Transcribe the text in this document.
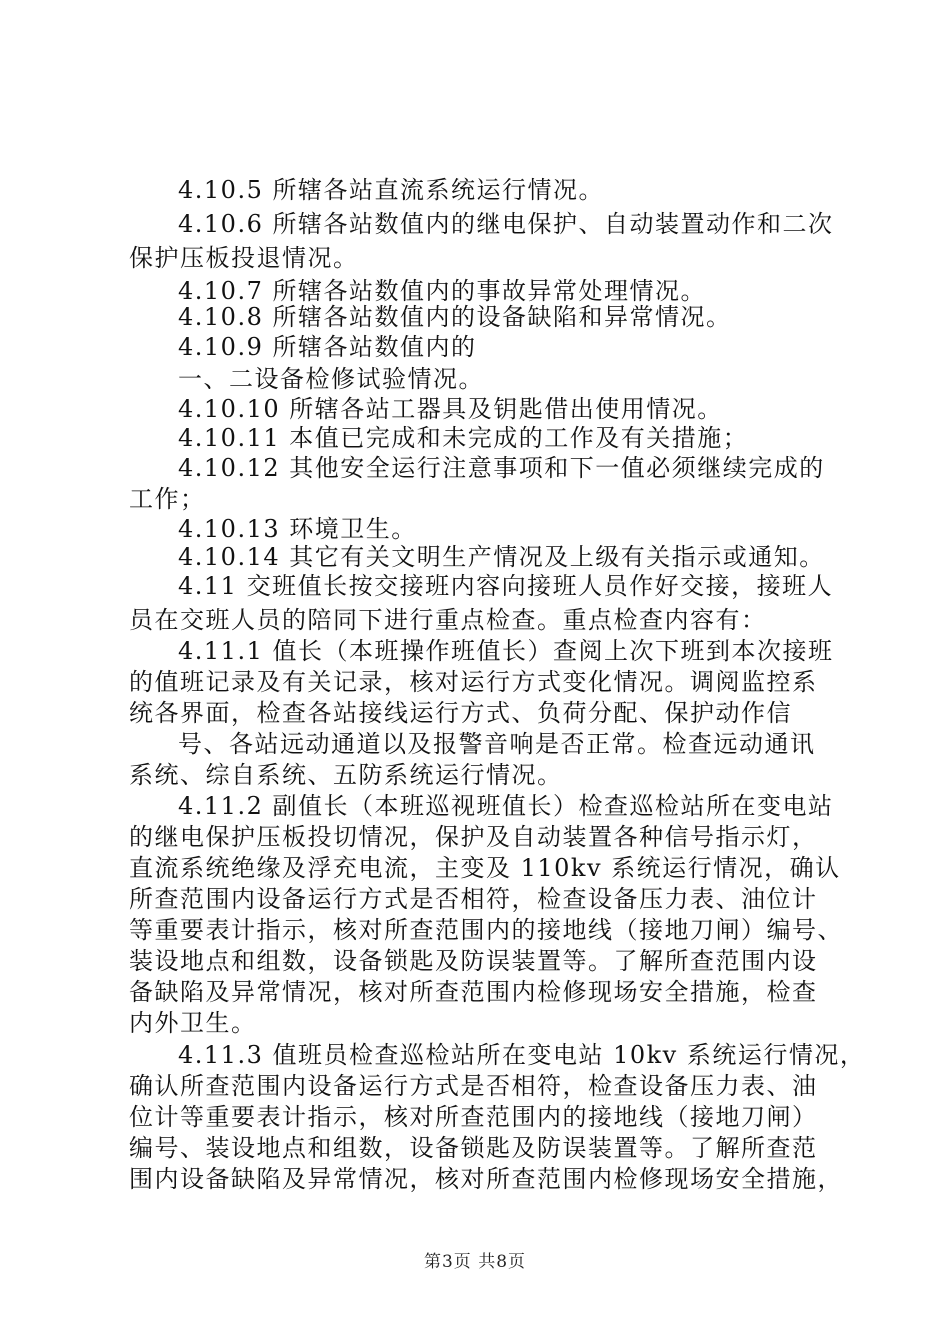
4.10.5 所辖各站直流系统运行情况。
4.10.6 所辖各站数值内的继电保护、自动装置动作和二次
保护压板投退情况。
4.10.7 所辖各站数值内的事故异常处理情况。
4.10.8 所辖各站数值内的设备缺陷和异常情况。
4.10.9 所辖各站数值内的
一、二设备检修试验情况。
4.10.10 所辖各站工器具及钥匙借出使用情况。
4.10.11 本值已完成和未完成的工作及有关措施；
4.10.12 其他安全运行注意事项和下一值必须继续完成的
工作；
4.10.13 环境卫生。
4.10.14 其它有关文明生产情况及上级有关指示或通知。
4.11 交班值长按交接班内容向接班人员作好交接，接班人
员在交班人员的陪同下进行重点检查。重点检查内容有：
4.11.1 值长（本班操作班值长）查阅上次下班到本次接班
的值班记录及有关记录，核对运行方式变化情况。调阅监控系
统各界面，检查各站接线运行方式、负荷分配、保护动作信
号、各站远动通道以及报警音响是否正常。检查远动通讯
系统、综自系统、五防系统运行情况。
4.11.2 副值长（本班巡视班值长）检查巡检站所在变电站
的继电保护压板投切情况，保护及自动装置各种信号指示灯，
直流系统绝缘及浮充电流，主变及 110kv 系统运行情况，确认
所查范围内设备运行方式是否相符，检查设备压力表、油位计
等重要表计指示，核对所查范围内的接地线（接地刀闸）编号、
装设地点和组数，设备锁匙及防误装置等。了解所查范围内设
备缺陷及异常情况，核对所查范围内检修现场安全措施，检查
内外卫生。
4.11.3 值班员检查巡检站所在变电站 10kv 系统运行情况，
确认所查范围内设备运行方式是否相符，检查设备压力表、油
位计等重要表计指示，核对所查范围内的接地线（接地刀闸）
编号、装设地点和组数，设备锁匙及防误装置等。了解所查范
围内设备缺陷及异常情况，核对所查范围内检修现场安全措施，
第3页 共8页
